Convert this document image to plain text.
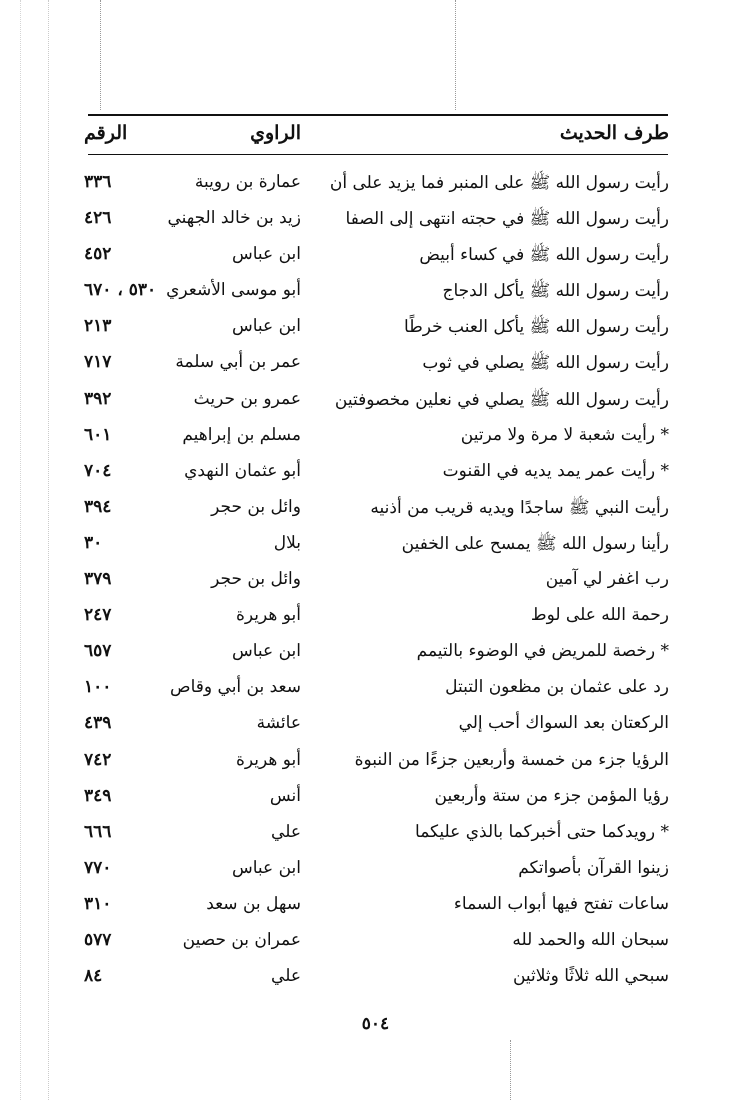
طرف الحديث
الراوي
الرقم
رأيت رسول الله ﷺ على المنبر فما يزيد على أن
عمارة بن رويبة
٣٣٦
رأيت رسول الله ﷺ في حجته انتهى إلى الصفا
زيد بن خالد الجهني
٤٢٦
رأيت رسول الله ﷺ في كساء أبيض
ابن عباس
٤٥٢
رأيت رسول الله ﷺ يأكل الدجاج
أبو موسى الأشعري
٥٣٠ ، ٦٧٠
رأيت رسول الله ﷺ يأكل العنب خرطًا
ابن عباس
٢١٣
رأيت رسول الله ﷺ يصلي في ثوب
عمر بن أبي سلمة
٧١٧
رأيت رسول الله ﷺ يصلي في نعلين مخصوفتين
عمرو بن حريث
٣٩٢
* رأيت شعبة لا مرة ولا مرتين
مسلم بن إبراهيم
٦٠١
* رأيت عمر يمد يديه في القنوت
أبو عثمان النهدي
٧٠٤
رأيت النبي ﷺ ساجدًا ويديه قريب من أذنيه
وائل بن حجر
٣٩٤
رأينا رسول الله ﷺ يمسح على الخفين
بلال
٣٠
رب اغفر لي آمين
وائل بن حجر
٣٧٩
رحمة الله على لوط
أبو هريرة
٢٤٧
* رخصة للمريض في الوضوء بالتيمم
ابن عباس
٦٥٧
رد على عثمان بن مظعون التبتل
سعد بن أبي وقاص
١٠٠
الركعتان بعد السواك أحب إلي
عائشة
٤٣٩
الرؤيا جزء من خمسة وأربعين جزءًا من النبوة
أبو هريرة
٧٤٢
رؤيا المؤمن جزء من ستة وأربعين
أنس
٣٤٩
* رويدكما حتى أخبركما بالذي عليكما
علي
٦٦٦
زينوا القرآن بأصواتكم
ابن عباس
٧٧٠
ساعات تفتح فيها أبواب السماء
سهل بن سعد
٣١٠
سبحان الله والحمد لله
عمران بن حصين
٥٧٧
سبحي الله ثلاثًا وثلاثين
علي
٨٤
٥٠٤
